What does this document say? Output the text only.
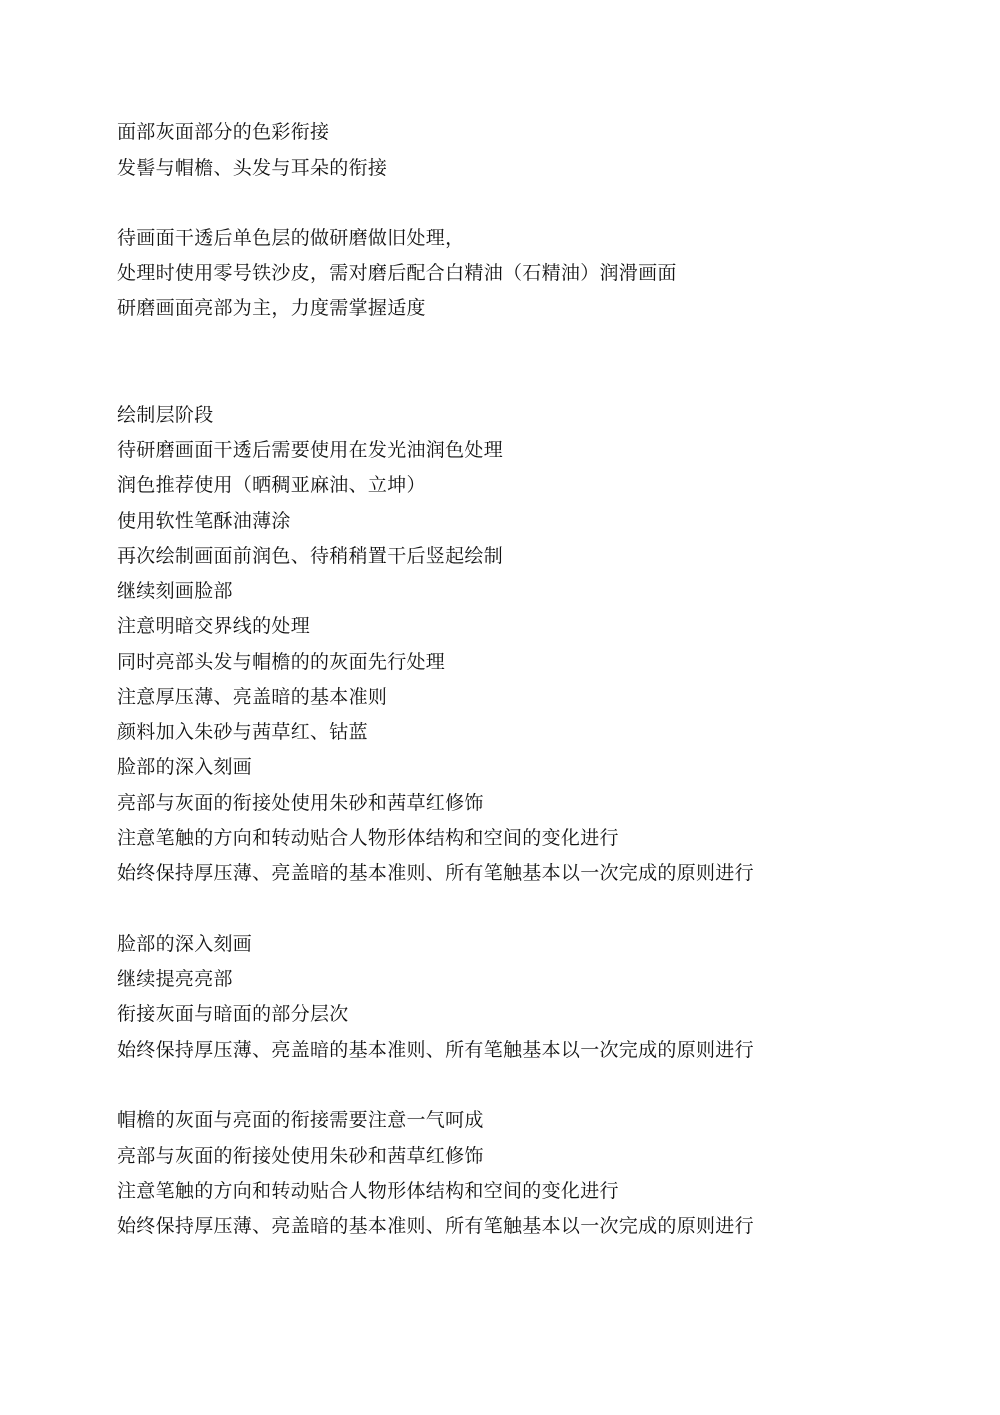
面部灰面部分的色彩衔接
发髻与帽檐、头发与耳朵的衔接
待画面干透后单色层的做研磨做旧处理，
处理时使用零号铁沙皮，需对磨后配合白精油（石精油）润滑画面
研磨画面亮部为主，力度需掌握适度
绘制层阶段
待研磨画面干透后需要使用在发光油润色处理
润色推荐使用（晒稠亚麻油、立坤）
使用软性笔酥油薄涂
再次绘制画面前润色、待稍稍置干后竖起绘制
继续刻画脸部
注意明暗交界线的处理
同时亮部头发与帽檐的的灰面先行处理
注意厚压薄、亮盖暗的基本准则
颜料加入朱砂与茜草红、钴蓝
脸部的深入刻画
亮部与灰面的衔接处使用朱砂和茜草红修饰
注意笔触的方向和转动贴合人物形体结构和空间的变化进行
始终保持厚压薄、亮盖暗的基本准则、所有笔触基本以一次完成的原则进行
脸部的深入刻画
继续提亮亮部
衔接灰面与暗面的部分层次
始终保持厚压薄、亮盖暗的基本准则、所有笔触基本以一次完成的原则进行
帽檐的灰面与亮面的衔接需要注意一气呵成
亮部与灰面的衔接处使用朱砂和茜草红修饰
注意笔触的方向和转动贴合人物形体结构和空间的变化进行
始终保持厚压薄、亮盖暗的基本准则、所有笔触基本以一次完成的原则进行
